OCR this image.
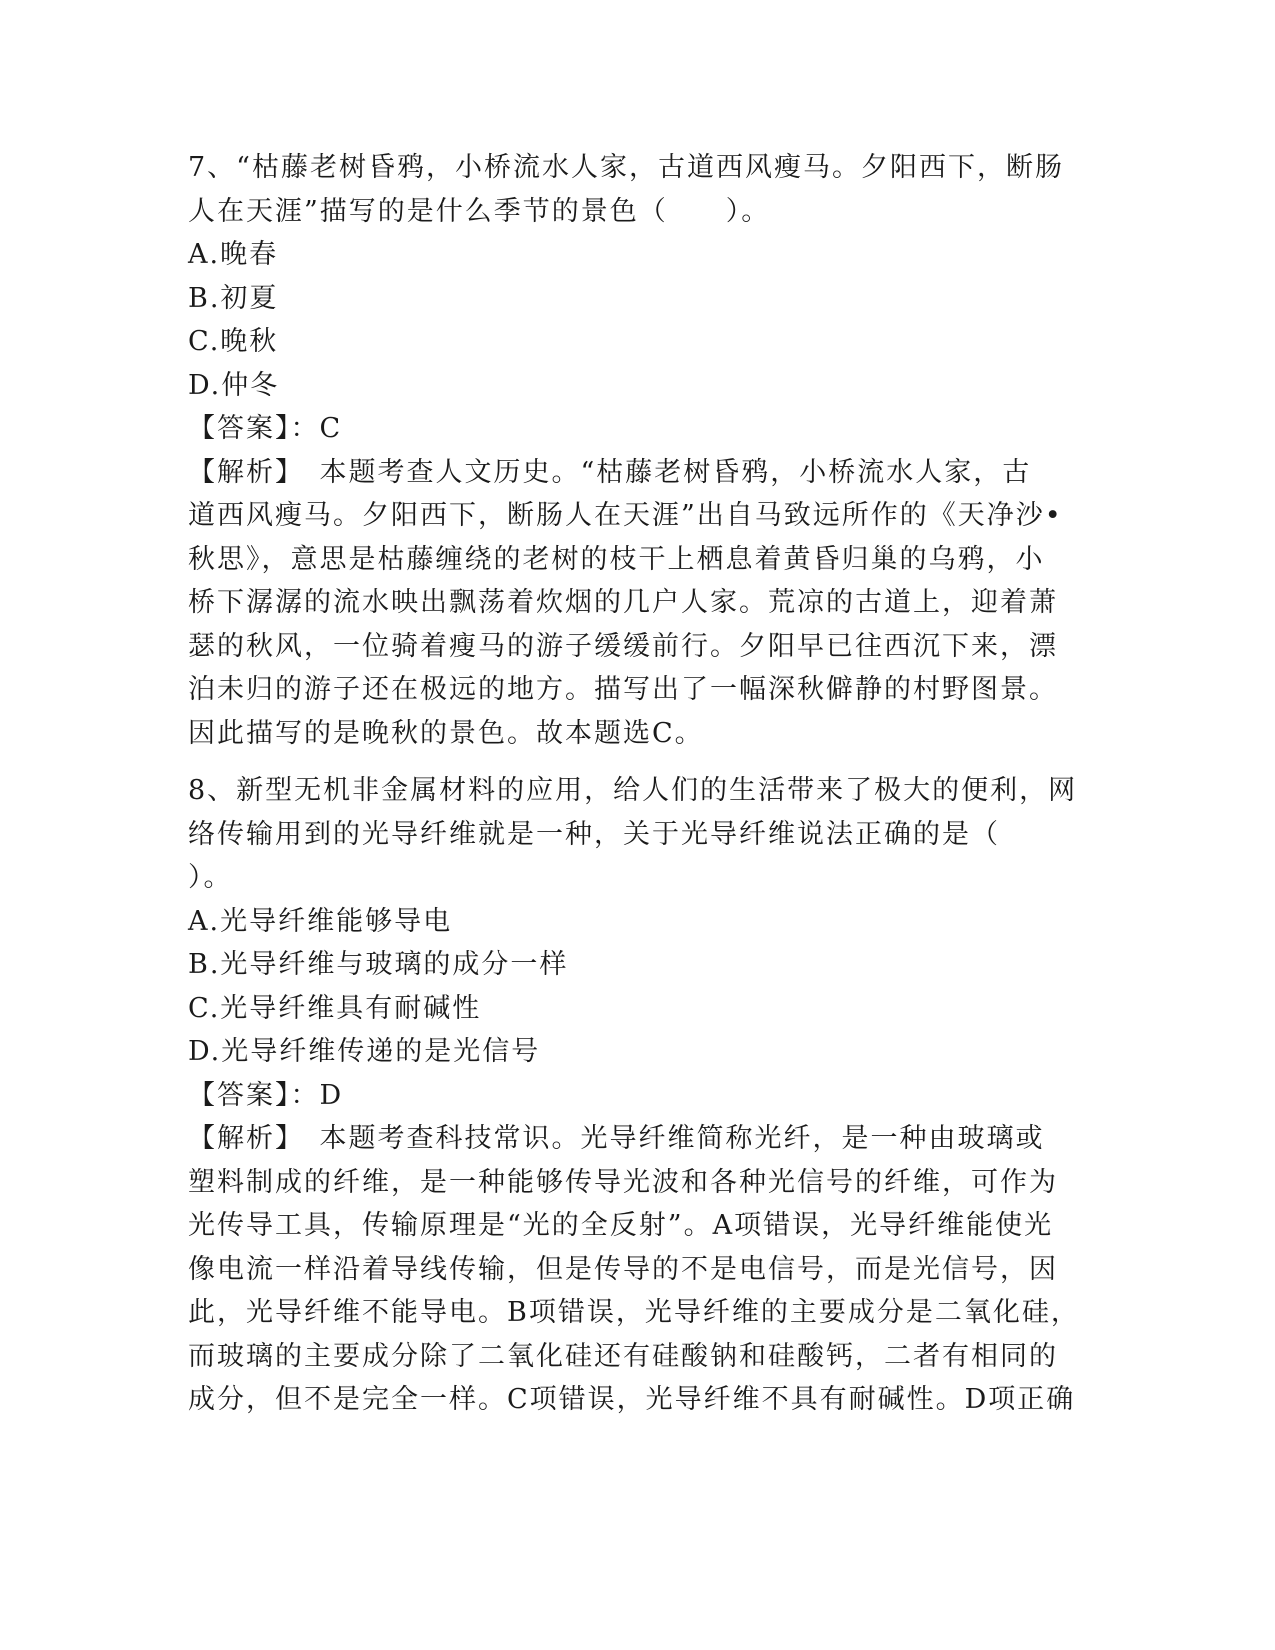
7、“枯藤老树昏鸦，小桥流水人家，古道西风瘦马。夕阳西下，断肠
人在天涯”描写的是什么季节的景色（　　）。
A.晚春
B.初夏
C.晚秋
D.仲冬
【答案】：C
【解析】　本题考查人文历史。“枯藤老树昏鸦，小桥流水人家，古
道西风瘦马。夕阳西下，断肠人在天涯”出自马致远所作的《天净沙•
秋思》，意思是枯藤缠绕的老树的枝干上栖息着黄昏归巢的乌鸦，小
桥下潺潺的流水映出飘荡着炊烟的几户人家。荒凉的古道上，迎着萧
瑟的秋风，一位骑着瘦马的游子缓缓前行。夕阳早已往西沉下来，漂
泊未归的游子还在极远的地方。描写出了一幅深秋僻静的村野图景。
因此描写的是晚秋的景色。故本题选C。
8、新型无机非金属材料的应用，给人们的生活带来了极大的便利，网
络传输用到的光导纤维就是一种，关于光导纤维说法正确的是（
）。
A.光导纤维能够导电
B.光导纤维与玻璃的成分一样
C.光导纤维具有耐碱性
D.光导纤维传递的是光信号
【答案】：D
【解析】　本题考查科技常识。光导纤维简称光纤，是一种由玻璃或
塑料制成的纤维，是一种能够传导光波和各种光信号的纤维，可作为
光传导工具，传输原理是“光的全反射”。A项错误，光导纤维能使光
像电流一样沿着导线传输，但是传导的不是电信号，而是光信号，因
此，光导纤维不能导电。B项错误，光导纤维的主要成分是二氧化硅，
而玻璃的主要成分除了二氧化硅还有硅酸钠和硅酸钙，二者有相同的
成分，但不是完全一样。C项错误，光导纤维不具有耐碱性。D项正确
